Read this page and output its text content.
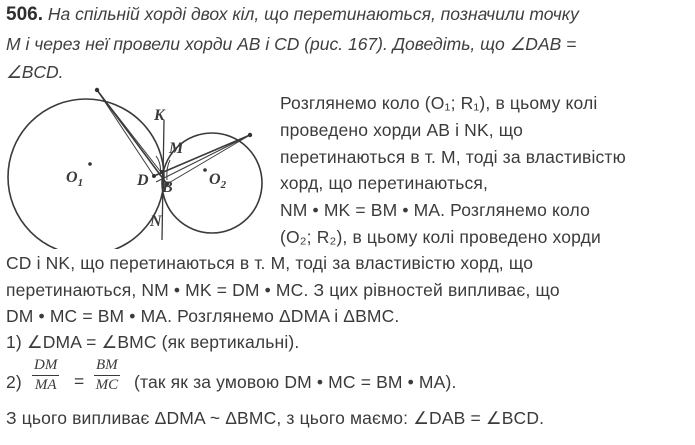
506. На спільній хорді двох кіл, що перетинаються, позначили точку
M і через неї провели хорди AB і CD (рис. 167). Доведіть, що ∠DAB =
∠BCD.
K
M
D B
N
$O_1$	$O_2$
Розглянемо коло (O₁; R₁), в цьому колі
проведено хорди AB і NK, що
перетинаються в т. M, тоді за властивістю
хорд, що перетинаються,
NM • MK = BM • MA. Розглянемо коло
(O₂; R₂), в цьому колі проведено хорди
CD і NK, що перетинаються в т. M, тоді за властивістю хорд, що
перетинаються, NM • MK = DM • MC. З цих рівностей випливає, що
DM • MC = BM • MA. Розглянемо ΔDMA і ΔBMC.
1) ∠DMA = ∠BMC (як вертикальні).
$2) \frac{DM}{MA} = \frac{BM}{MC} (так$ як за умовою DM • MC = BM • MA).
З цього випливає ΔDMA ~ ΔBMC, з цього маємо: ∠DAB = ∠BCD.
